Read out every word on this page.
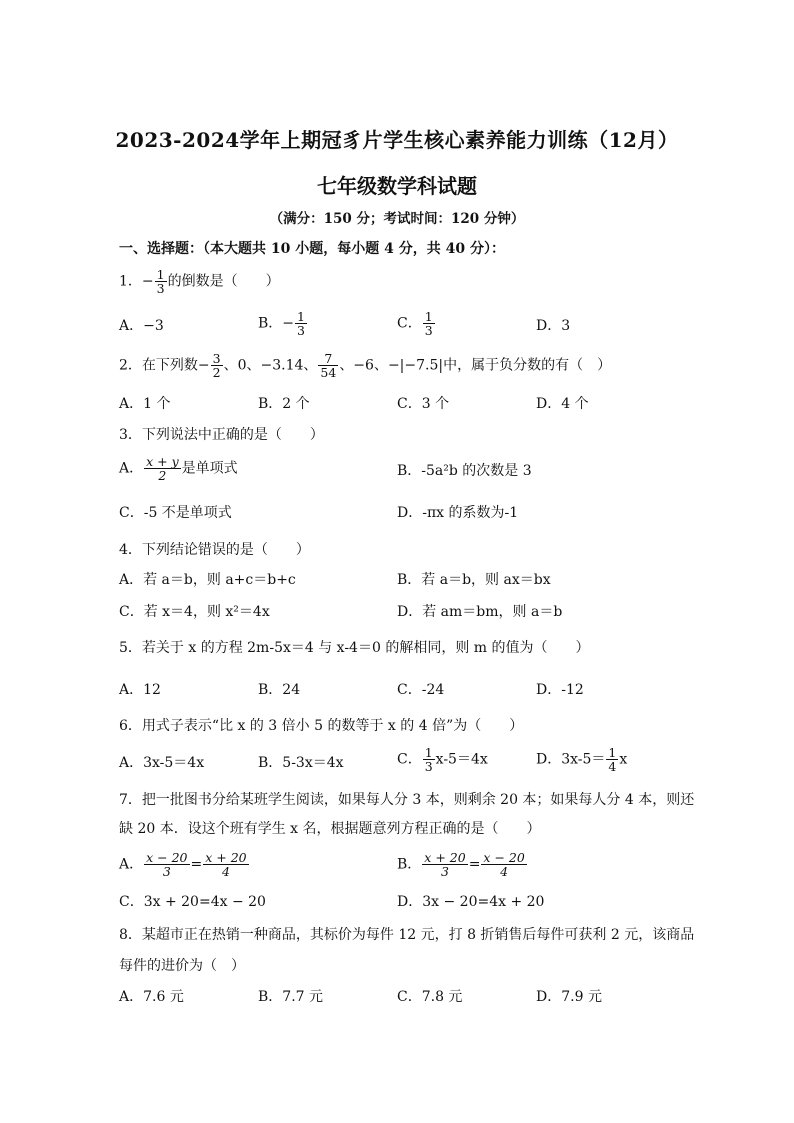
2023-2024学年上期冠豸片学生核心素养能力训练（12月）
七年级数学科试题
（满分：150 分；考试时间：120 分钟）
一、选择题：（本大题共 10 小题，每小题 4 分，共 40 分）：
1．− $\frac{1}{3}$ 的倒数是（　　）
A．−3	B．− $\frac{1}{3}$	C． $\frac{1}{3}$	D．3
2．在下列数− $\frac{3}{2}$ 、0、−3.14、 $\frac{7}{54}$ 、−6、−|−7.5|中，属于负分数的有（　）
A．1 个	B．2 个	C．3 个	D．4 个
3．下列说法中正确的是（　　）
A． $\frac{x + y}{2}$ 是单项式	B．-5a²b 的次数是 3
C．-5 不是单项式	D．-πx 的系数为-1
4．下列结论错误的是（　　）
A．若 a＝b，则 a+c＝b+c	B．若 a＝b，则 ax＝bx
C．若 x＝4，则 x²＝4x	D．若 am＝bm，则 a＝b
5．若关于 x 的方程 2m-5x＝4 与 x-4＝0 的解相同，则 m 的值为（　　）
A．12	B．24	C．-24	D．-12
6．用式子表示“比 x 的 3 倍小 5 的数等于 x 的 4 倍”为（　　）
A．3x-5＝4x	B．5-3x＝4x	C． $\frac{1}{3} x-5=4x$	D．$3x-5= \frac{1}{4}$ x
7．把一批图书分给某班学生阅读，如果每人分 3 本，则剩余 20 本；如果每人分 4 本，则还
缺 20 本．设这个班有学生 x 名，根据题意列方程正确的是（　　）
A． $\frac{x - 20}{3} = \frac{x + 20}{4}$	B． $\frac{x + 20}{3} = \frac{x - 20}{4}$
C．3x + 20=4x − 20	D．3x − 20=4x + 20
8．某超市正在热销一种商品，其标价为每件 12 元，打 8 折销售后每件可获利 2 元，该商品
每件的进价为（　）
A．7.6 元	B．7.7 元	C．7.8 元	D．7.9 元
